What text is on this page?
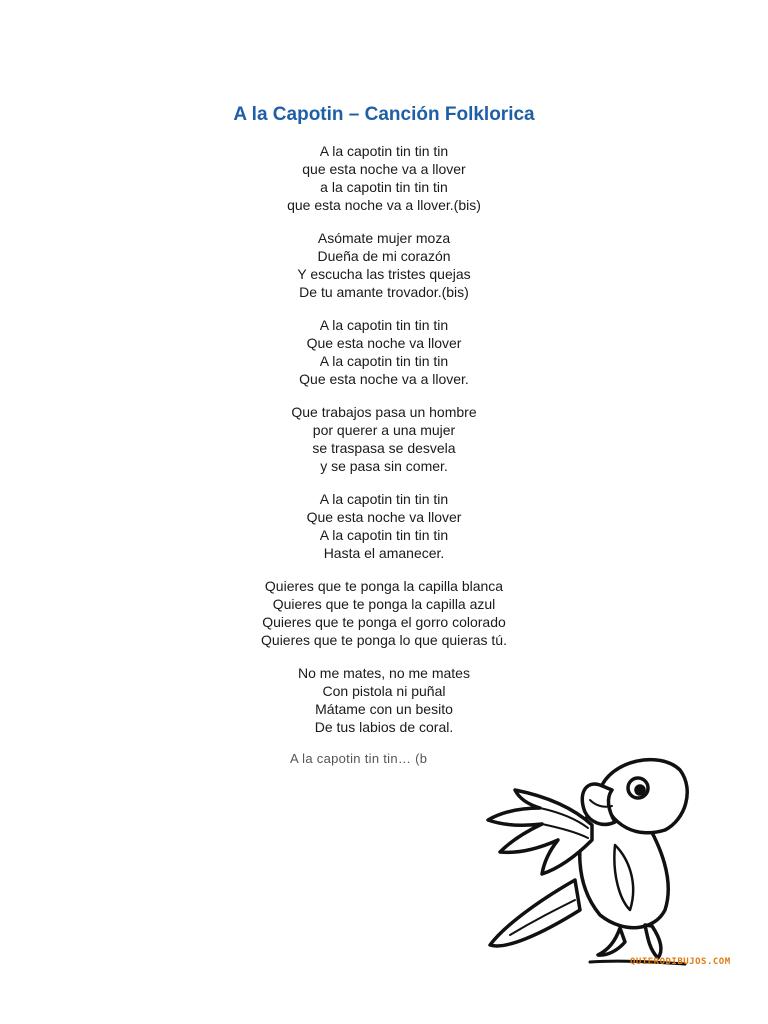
A la Capotin – Canción Folklorica
A la capotin tin tin tin
que esta noche va a llover
a la capotin tin tin tin
que esta noche va a llover.(bis)
Asómate mujer moza
Dueña de mi corazón
Y escucha las tristes quejas
De tu amante trovador.(bis)
A la capotin tin tin tin
Que esta noche va llover
A la capotin tin tin tin
Que esta noche va a llover.
Que trabajos pasa un hombre
por querer a una mujer
se traspasa se desvela
y se pasa sin comer.
A la capotin tin tin tin
Que esta noche va llover
A la capotin tin tin tin
Hasta el amanecer.
Quieres que te ponga la capilla blanca
Quieres que te ponga la capilla azul
Quieres que te ponga el gorro colorado
Quieres que te ponga lo que quieras tú.
No me mates, no me mates
Con pistola ni puñal
Mátame con un besito
De tus labios de coral.
A la capotin tin tin… (b
QUIERODIBUJOS.COM
